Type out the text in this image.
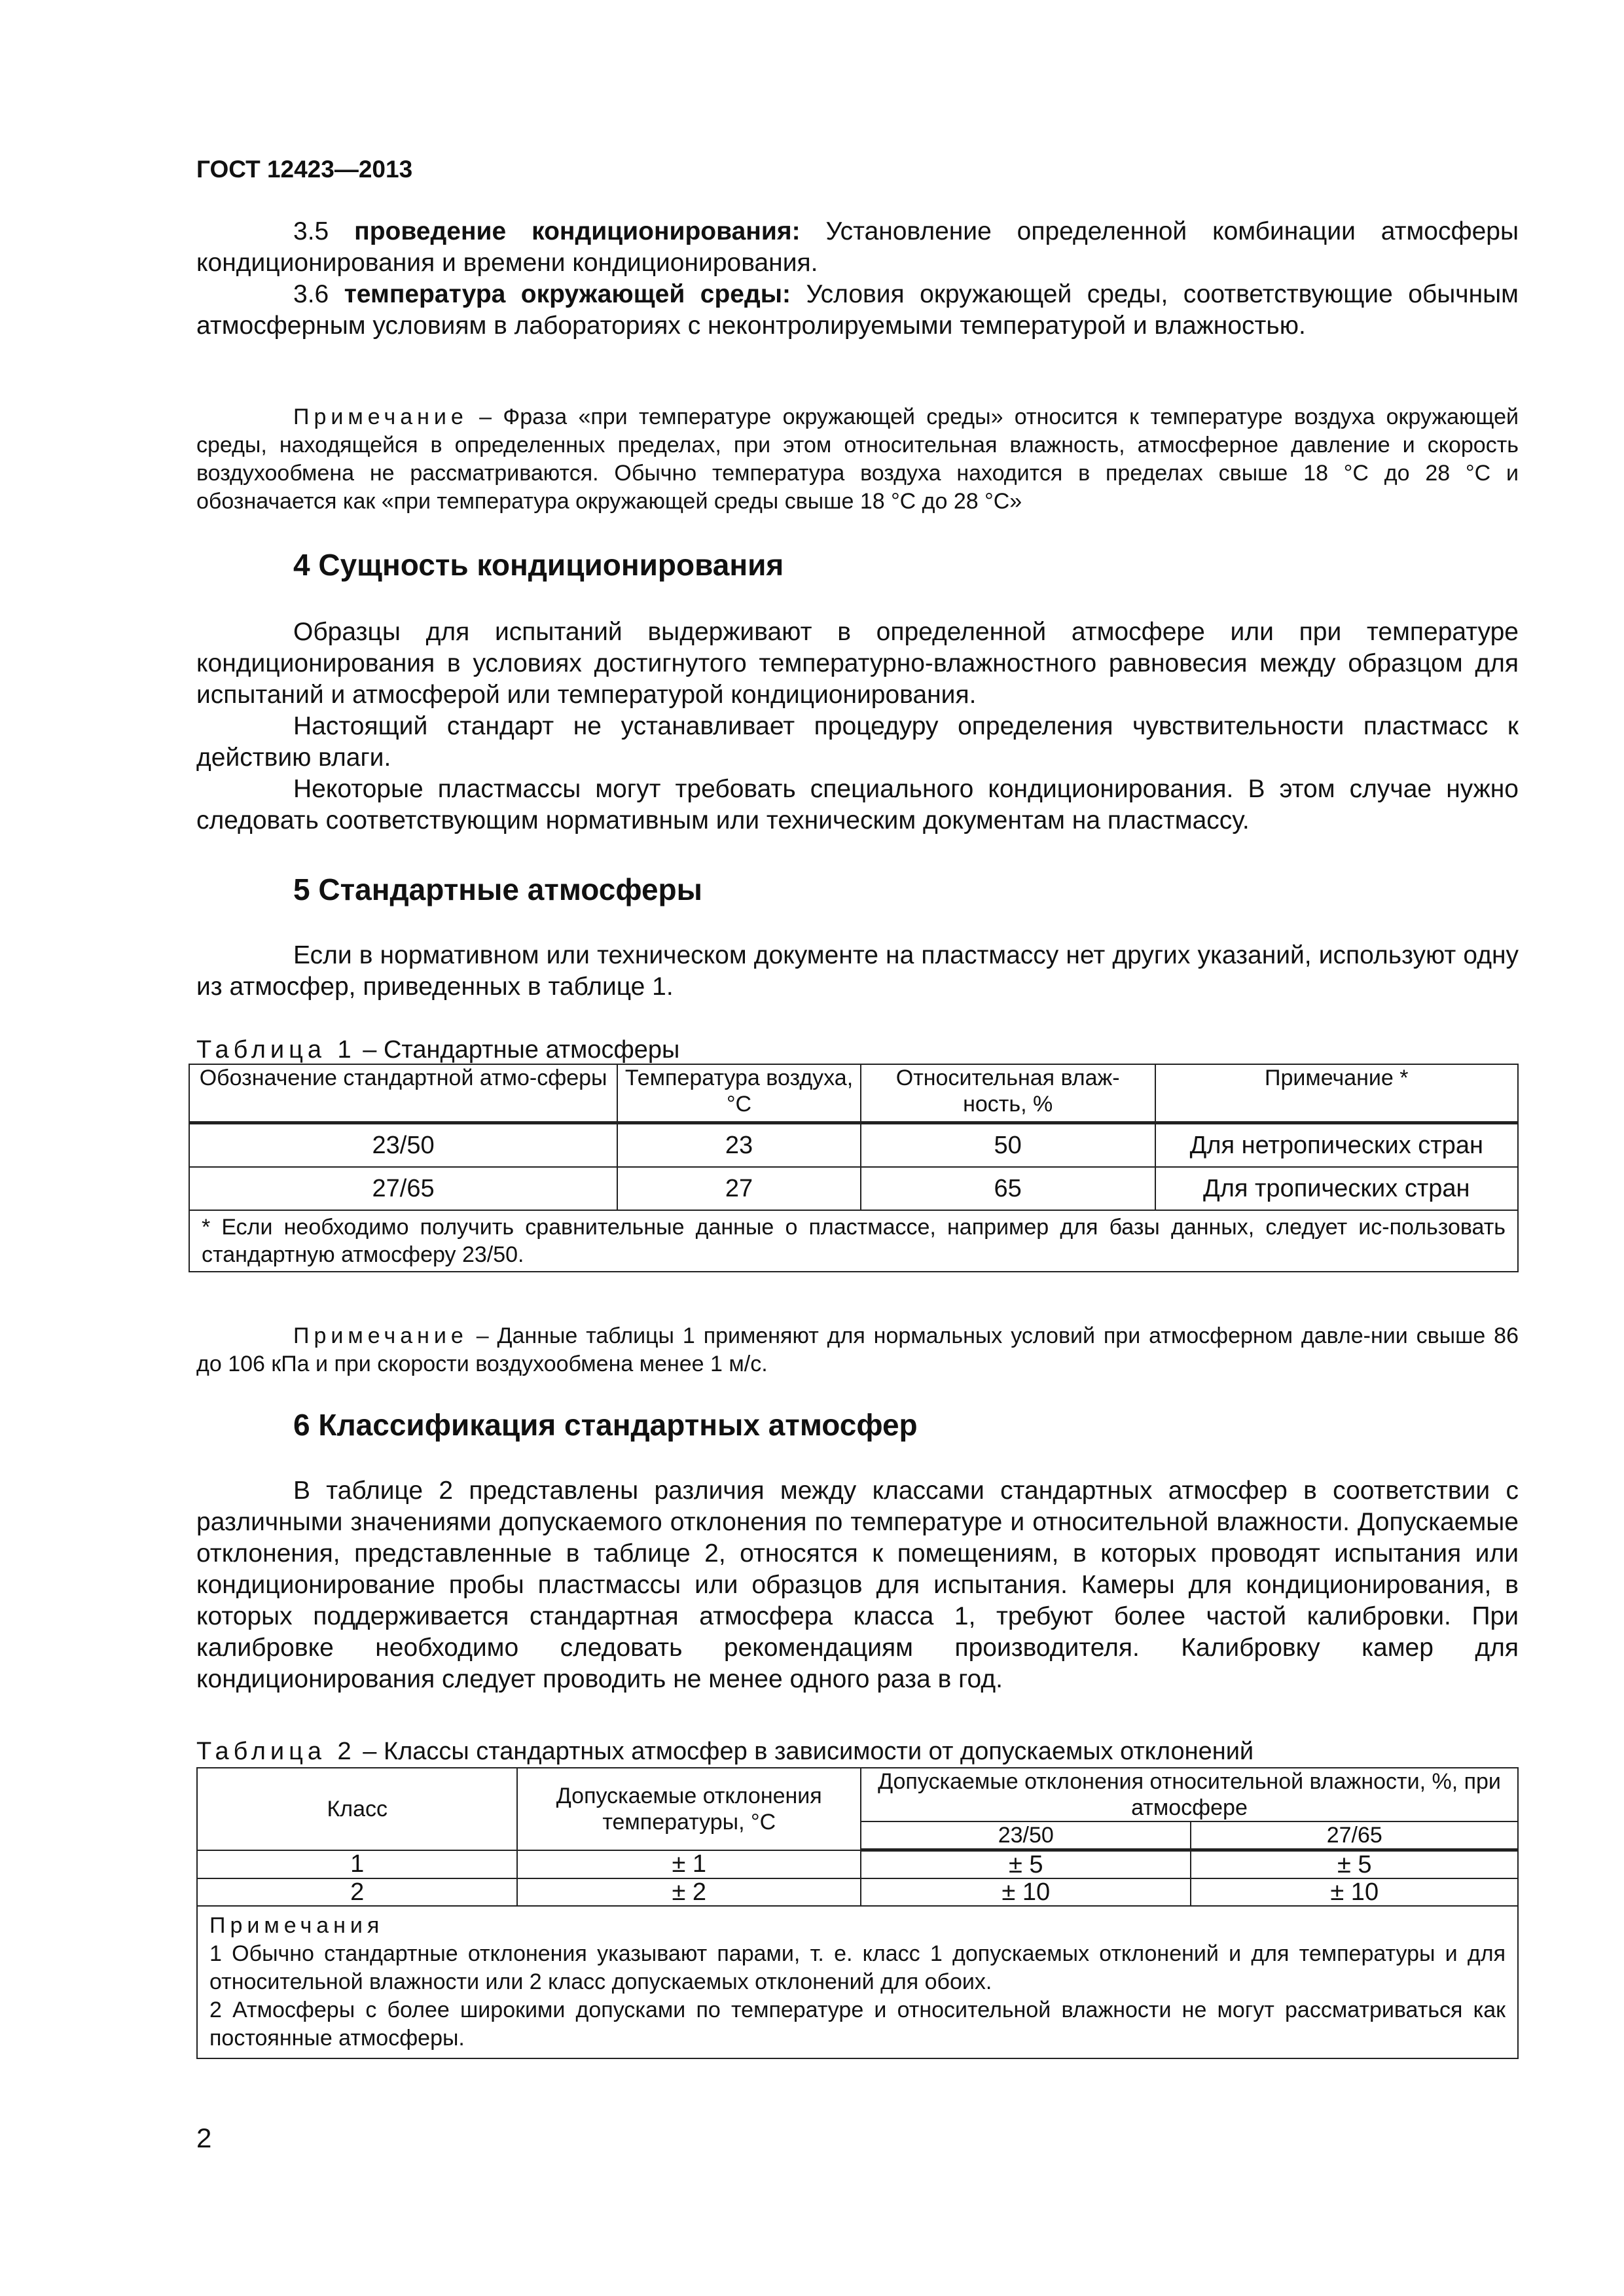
ГОСТ 12423—2013

3.5 проведение кондиционирования: Установление определенной комбинации атмосферы кондиционирования и времени кондиционирования.

3.6 температура окружающей среды: Условия окружающей среды, соответствующие обычным атмосферным условиям в лабораториях с неконтролируемыми температурой и влажностью.

Примечание – Фраза «при температуре окружающей среды» относится к температуре воздуха окружающей среды, находящейся в определенных пределах, при этом относительная влажность, атмосферное давление и скорость воздухообмена не рассматриваются. Обычно температура воздуха находится в пределах свыше 18 °С до 28 °С и обозначается как «при температура окружающей среды свыше 18 °С до 28 °С»

4 Сущность кондиционирования

Образцы для испытаний выдерживают в определенной атмосфере или при температуре кондиционирования в условиях достигнутого температурно-влажностного равновесия между образцом для испытаний и атмосферой или температурой кондиционирования.

Настоящий стандарт не устанавливает процедуру определения чувствительности пластмасс к действию влаги.

Некоторые пластмассы могут требовать специального кондиционирования. В этом случае нужно следовать соответствующим нормативным или техническим документам на пластмассу.

5 Стандартные атмосферы

Если в нормативном или техническом документе на пластмассу нет других указаний, используют одну из атмосфер, приведенных в таблице 1.

Таблица 1 – Стандартные атмосферы

Обозначение стандартной атмо-сферы	Температура воздуха, °С	Относительная влаж-ность, %	Примечание *
23/50	23	50	Для нетропических стран
27/65	27	65	Для тропических стран
* Если необходимо получить сравнительные данные о пластмассе, например для базы данных, следует ис-пользовать стандартную атмосферу 23/50.			

Примечание – Данные таблицы 1 применяют для нормальных условий при атмосферном давле-нии свыше 86 до 106 кПа и при скорости воздухообмена менее 1 м/с.

6 Классификация стандартных атмосфер

В таблице 2 представлены различия между классами стандартных атмосфер в соответствии с различными значениями допускаемого отклонения по температуре и относительной влажности. Допускаемые отклонения, представленные в таблице 2, относятся к помещениям, в которых проводят испытания или кондиционирование пробы пластмассы или образцов для испытания. Камеры для кондиционирования, в которых поддерживается стандартная атмосфера класса 1, требуют более частой калибровки. При калибровке необходимо следовать рекомендациям производителя. Калибровку камер для кондиционирования следует проводить не менее одного раза в год.

Таблица 2 – Классы стандартных атмосфер в зависимости от допускаемых отклонений

Класс	Допускаемые отклонения температуры, °С	Допускаемые отклонения относительной влажности, %, при атмосфере	
		23/50	27/65
1	± 1	± 5	± 5
2	± 2	± 10	± 10

Примечания

1 Обычно стандартные отклонения указывают парами, т. е. класс 1 допускаемых отклонений и для температуры и для относительной влажности или 2 класс допускаемых отклонений для обоих.

2 Атмосферы с более широкими допусками по температуре и относительной влажности не могут рассматриваться как постоянные атмосферы.			

2
